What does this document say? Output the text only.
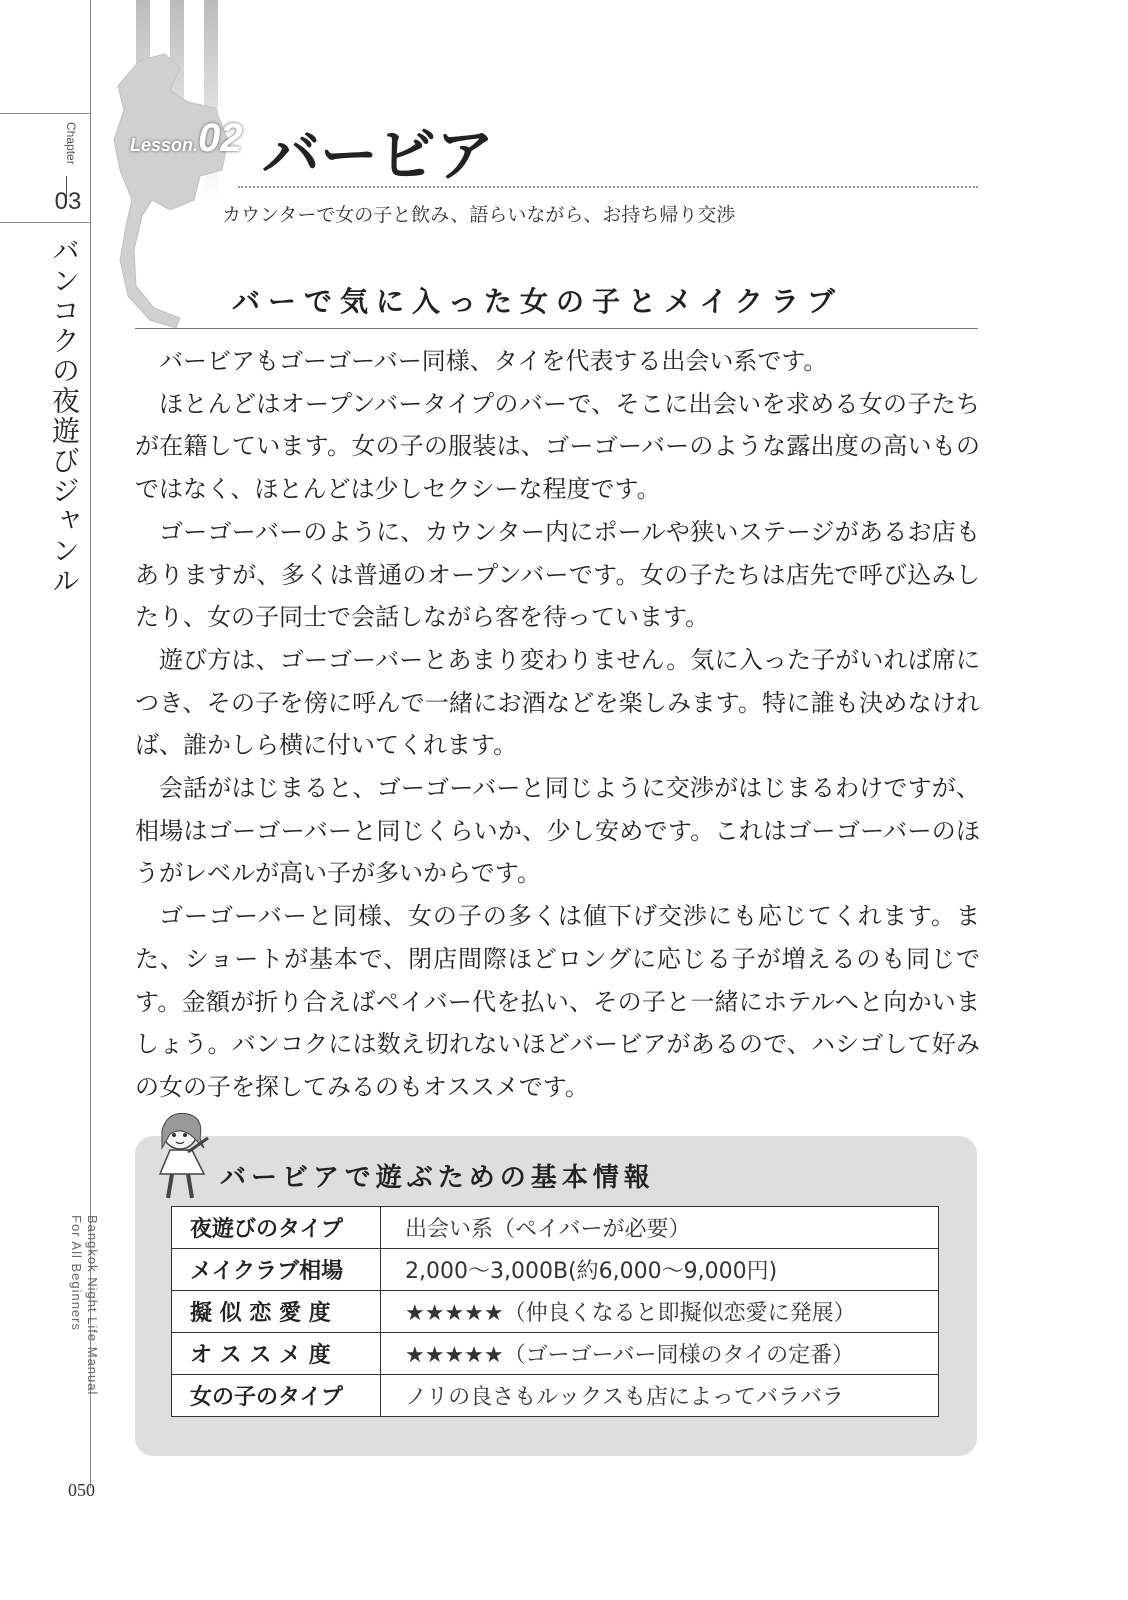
Chapter
03
バンコクの夜遊びジャンル
Bangkok Night Life Manual
For All Beginners
050
Lesson.02 バービア
カウンターで女の子と飲み、語らいながら、お持ち帰り交渉
バーで気に入った女の子とメイクラブ

バービアもゴーゴーバー同様、タイを代表する出会い系です。

ほとんどはオープンバータイプのバーで、そこに出会いを求める女の子たちが在籍しています。女の子の服装は、ゴーゴーバーのような露出度の高いものではなく、ほとんどは少しセクシーな程度です。

ゴーゴーバーのように、カウンター内にポールや狭いステージがあるお店もありますが、多くは普通のオープンバーです。女の子たちは店先で呼び込みしたり、女の子同士で会話しながら客を待っています。

遊び方は、ゴーゴーバーとあまり変わりません。気に入った子がいれば席につき、その子を傍に呼んで一緒にお酒などを楽しみます。特に誰も決めなければ、誰かしら横に付いてくれます。

会話がはじまると、ゴーゴーバーと同じように交渉がはじまるわけですが、相場はゴーゴーバーと同じくらいか、少し安めです。これはゴーゴーバーのほうがレベルが高い子が多いからです。

ゴーゴーバーと同様、女の子の多くは値下げ交渉にも応じてくれます。また、ショートが基本で、閉店間際ほどロングに応じる子が増えるのも同じです。金額が折り合えばペイバー代を払い、その子と一緒にホテルへと向かいましょう。バンコクには数え切れないほどバービアがあるので、ハシゴして好みの女の子を探してみるのもオススメです。

バービアで遊ぶための基本情報
夜遊びのタイプ	出会い系（ペイバーが必要）
メイクラブ相場	2,000〜3,000B(約6,000〜9,000円)
擬 似 恋 愛 度	★★★★★（仲良くなると即擬似恋愛に発展）
オ ス ス メ 度	★★★★★（ゴーゴーバー同様のタイの定番）
女の子のタイプ	ノリの良さもルックスも店によってバラバラ
